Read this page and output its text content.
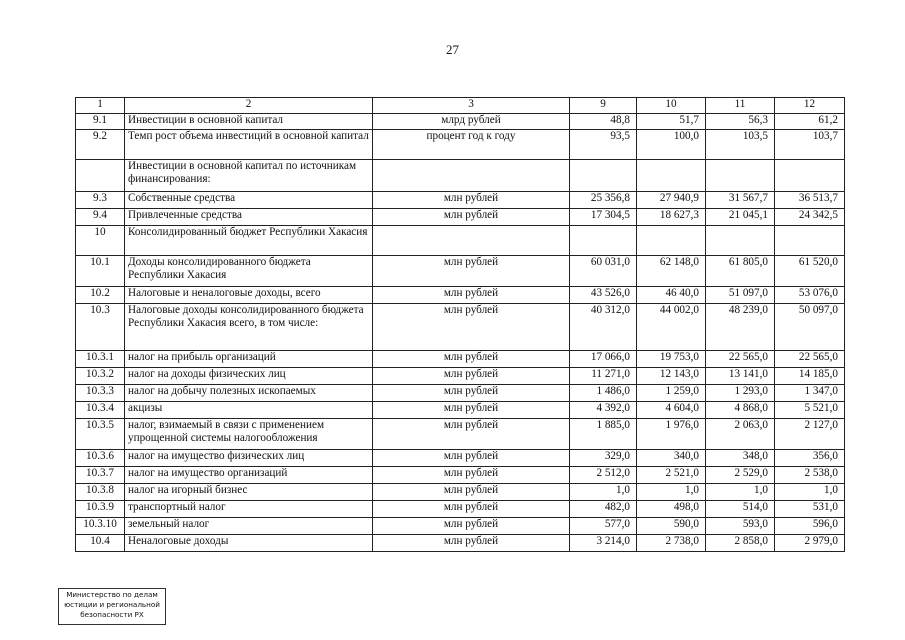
27
1	2	3	9	10	11	12
9.1	Инвестиции в основной капитал	млрд рублей	48,8	51,7	56,3	61,2
9.2	Темп рост объема инвестиций в основной капитал	процент год к году	93,5	100,0	103,5	103,7
	Инвестиции в основной капитал по источникам финансирования:					
9.3	Собственные средства	млн рублей	25 356,8	27 940,9	31 567,7	36 513,7
9.4	Привлеченные средства	млн рублей	17 304,5	18 627,3	21 045,1	24 342,5
10	Консолидированный бюджет Республики Хакасия					
10.1	Доходы консолидированного бюджета Республики Хакасия	млн рублей	60 031,0	62 148,0	61 805,0	61 520,0
10.2	Налоговые и неналоговые доходы, всего	млн рублей	43 526,0	46 40,0	51 097,0	53 076,0
10.3	Налоговые доходы консолидированного бюджета Республики Хакасия всего, в том числе:	млн рублей	40 312,0	44 002,0	48 239,0	50 097,0
10.3.1	налог на прибыль организаций	млн рублей	17 066,0	19 753,0	22 565,0	22 565,0
10.3.2	налог на доходы физических лиц	млн рублей	11 271,0	12 143,0	13 141,0	14 185,0
10.3.3	налог на добычу полезных ископаемых	млн рублей	1 486,0	1 259,0	1 293,0	1 347,0
10.3.4	акцизы	млн рублей	4 392,0	4 604,0	4 868,0	5 521,0
10.3.5	налог, взимаемый в связи с применением упрощенной системы налогообложения	млн рублей	1 885,0	1 976,0	2 063,0	2 127,0
10.3.6	налог на имущество физических лиц	млн рублей	329,0	340,0	348,0	356,0
10.3.7	налог на имущество организаций	млн рублей	2 512,0	2 521,0	2 529,0	2 538,0
10.3.8	налог на игорный бизнес	млн рублей	1,0	1,0	1,0	1,0
10.3.9	транспортный налог	млн рублей	482,0	498,0	514,0	531,0
10.3.10	земельный налог	млн рублей	577,0	590,0	593,0	596,0
10.4	Неналоговые доходы	млн рублей	3 214,0	2 738,0	2 858,0	2 979,0
Министерство по делам
юстиции и региональной
безопасности РХ
